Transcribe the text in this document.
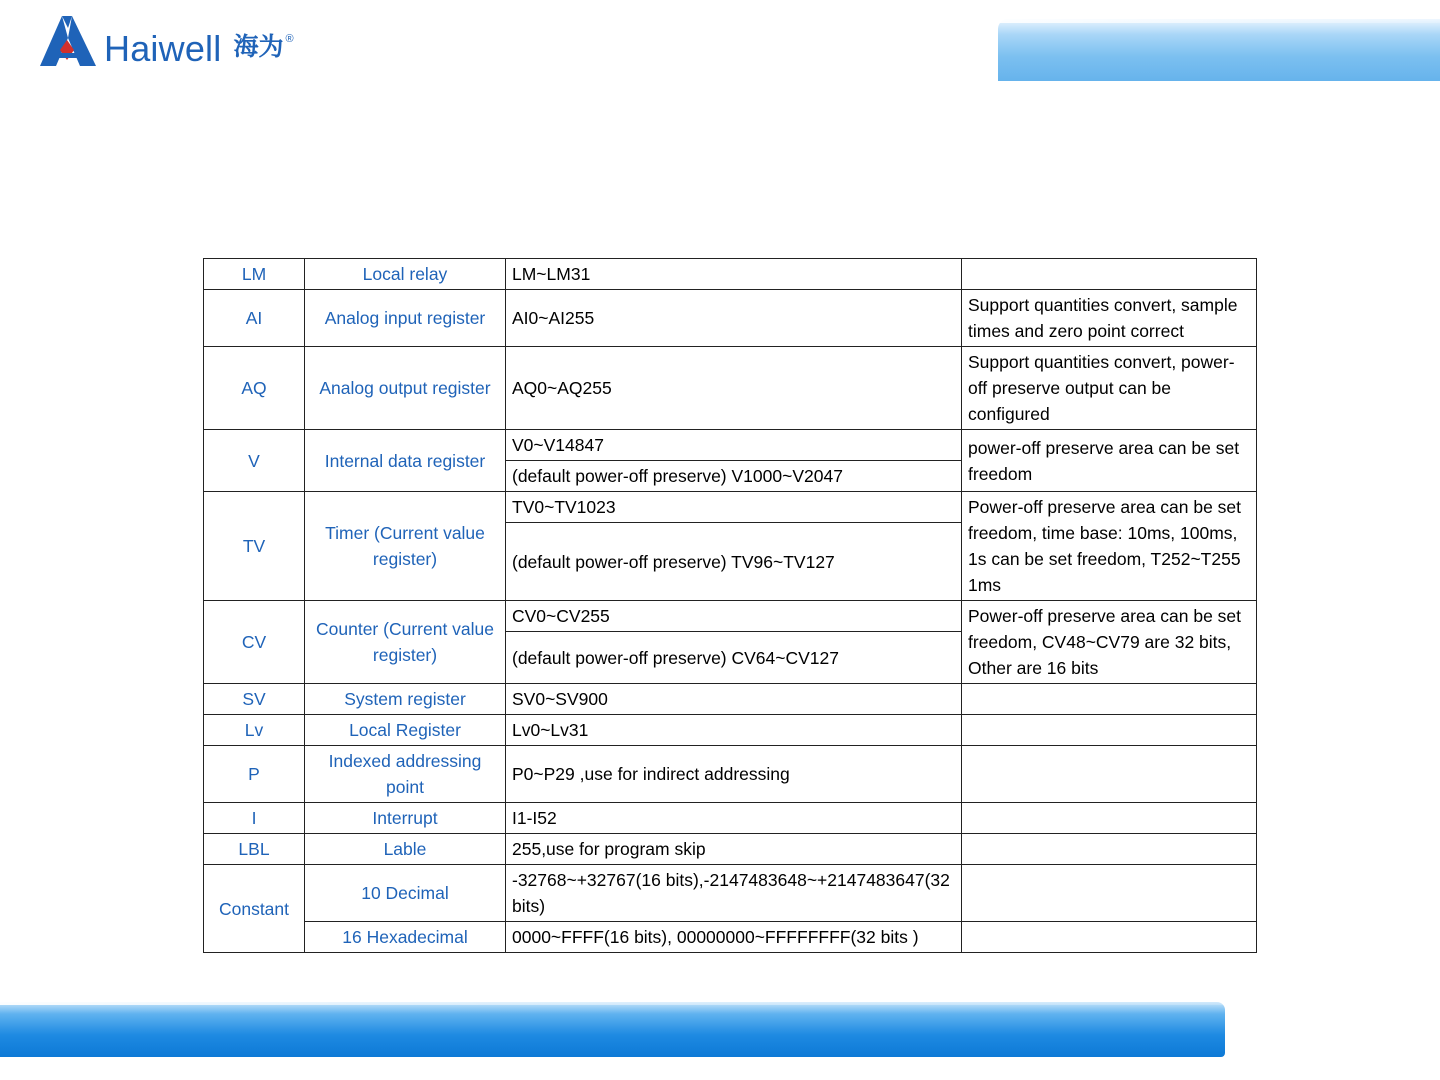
Haiwell 海为 ®
LM	Local relay	LM~LM31	
AI	Analog input register	AI0~AI255	Support quantities convert, sample times and zero point correct
AQ	Analog output register	AQ0~AQ255	Support quantities convert, power-off preserve output can be configured
V	Internal data register	V0~V14847	power-off preserve area can be set freedom
		(default power-off preserve) V1000~V2047	
TV	Timer (Current value register)	TV0~TV1023	Power-off preserve area can be set freedom, time base: 10ms, 100ms, 1s can be set freedom, T252~T255 1ms
		(default power-off preserve) TV96~TV127	
CV	Counter (Current value register)	CV0~CV255	Power-off preserve area can be set freedom, CV48~CV79 are 32 bits, Other are 16 bits
		(default power-off preserve) CV64~CV127	
SV	System register	SV0~SV900	
Lv	Local Register	Lv0~Lv31	
P	Indexed addressing point	P0~P29 ,use for indirect addressing	
I	Interrupt	I1-I52	
LBL	Lable	255,use for program skip	
Constant	10 Decimal	-32768~+32767(16 bits),-2147483648~+2147483647(32 bits)	
	16 Hexadecimal	0000~FFFF(16 bits), 00000000~FFFFFFFF(32 bits )	
